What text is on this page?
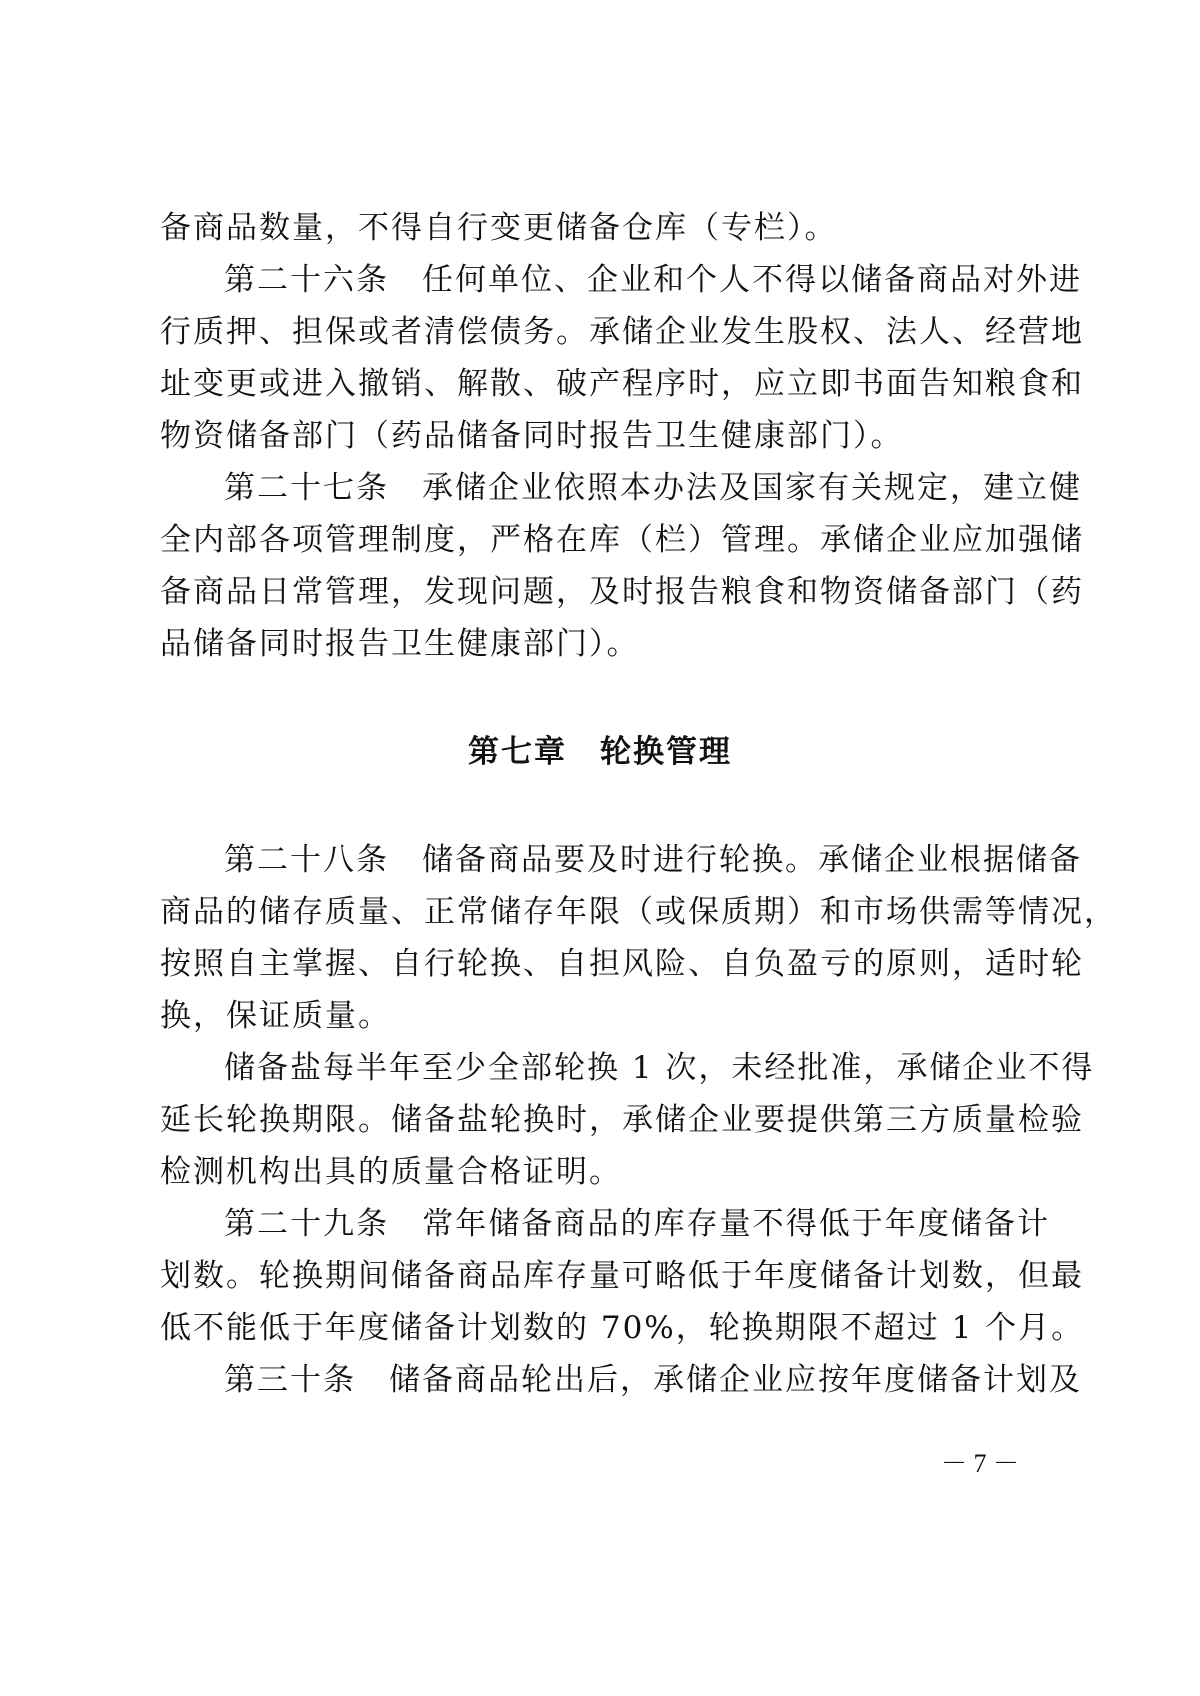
备商品数量，不得自行变更储备仓库（专栏）。
第二十六条　任何单位、企业和个人不得以储备商品对外进
行质押、担保或者清偿债务。承储企业发生股权、法人、经营地
址变更或进入撤销、解散、破产程序时，应立即书面告知粮食和
物资储备部门（药品储备同时报告卫生健康部门）。
第二十七条　承储企业依照本办法及国家有关规定，建立健
全内部各项管理制度，严格在库（栏）管理。承储企业应加强储
备商品日常管理，发现问题，及时报告粮食和物资储备部门（药
品储备同时报告卫生健康部门）。
第七章　轮换管理
第二十八条　储备商品要及时进行轮换。承储企业根据储备
商品的储存质量、正常储存年限（或保质期）和市场供需等情况，
按照自主掌握、自行轮换、自担风险、自负盈亏的原则，适时轮
换，保证质量。
储备盐每半年至少全部轮换 1 次，未经批准，承储企业不得
延长轮换期限。储备盐轮换时，承储企业要提供第三方质量检验
检测机构出具的质量合格证明。
第二十九条　常年储备商品的库存量不得低于年度储备计
划数。轮换期间储备商品库存量可略低于年度储备计划数，但最
低不能低于年度储备计划数的 70%，轮换期限不超过 1 个月。
第三十条　储备商品轮出后，承储企业应按年度储备计划及
－ 7 －
